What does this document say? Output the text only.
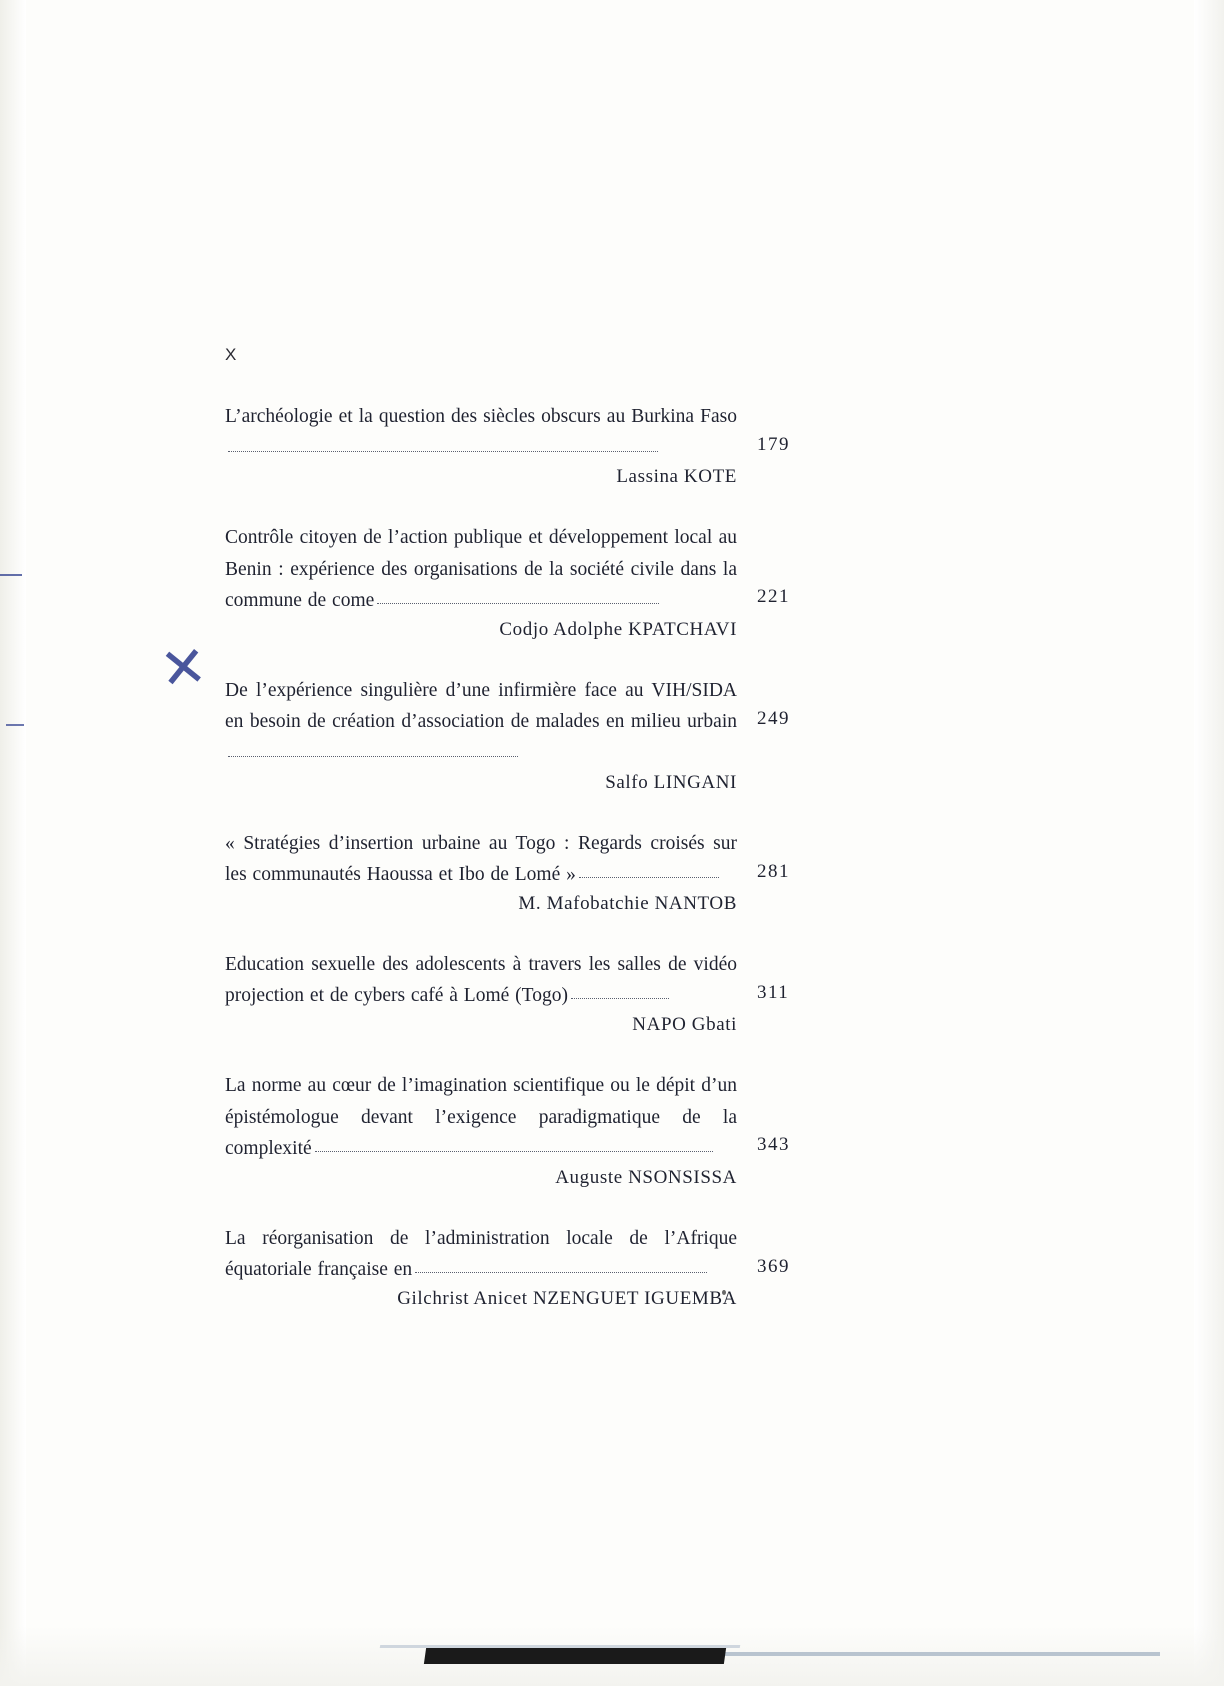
✕
X
L’archéologie et la question des siècles obscurs au Burkina Faso
179
Lassina KOTE
Contrôle citoyen de l’action publique et développement local au Benin : expérience des organisations de la société civile dans la commune de come	221
Codjo Adolphe KPATCHAVI
De l’expérience singulière d’une infirmière face au VIH/SIDA en besoin de création d’association de malades en milieu urbain 249
Salfo LINGANI
« Stratégies d’insertion urbaine au Togo : Regards croisés sur les communautés Haoussa et Ibo de Lomé »	281
M. Mafobatchie NANTOB
Education sexuelle des adolescents à travers les salles de vidéo projection et de cybers café à Lomé (Togo)	311
NAPO Gbati
La norme au cœur de l’imagination scientifique ou le dépit d’un épistémologue devant l’exigence paradigmatique de la complexité	343
Auguste NSONSISSA
La réorganisation de l’administration locale de l’Afrique équatoriale française en	369
Gilchrist Anicet NZENGUET IGUEMBA
